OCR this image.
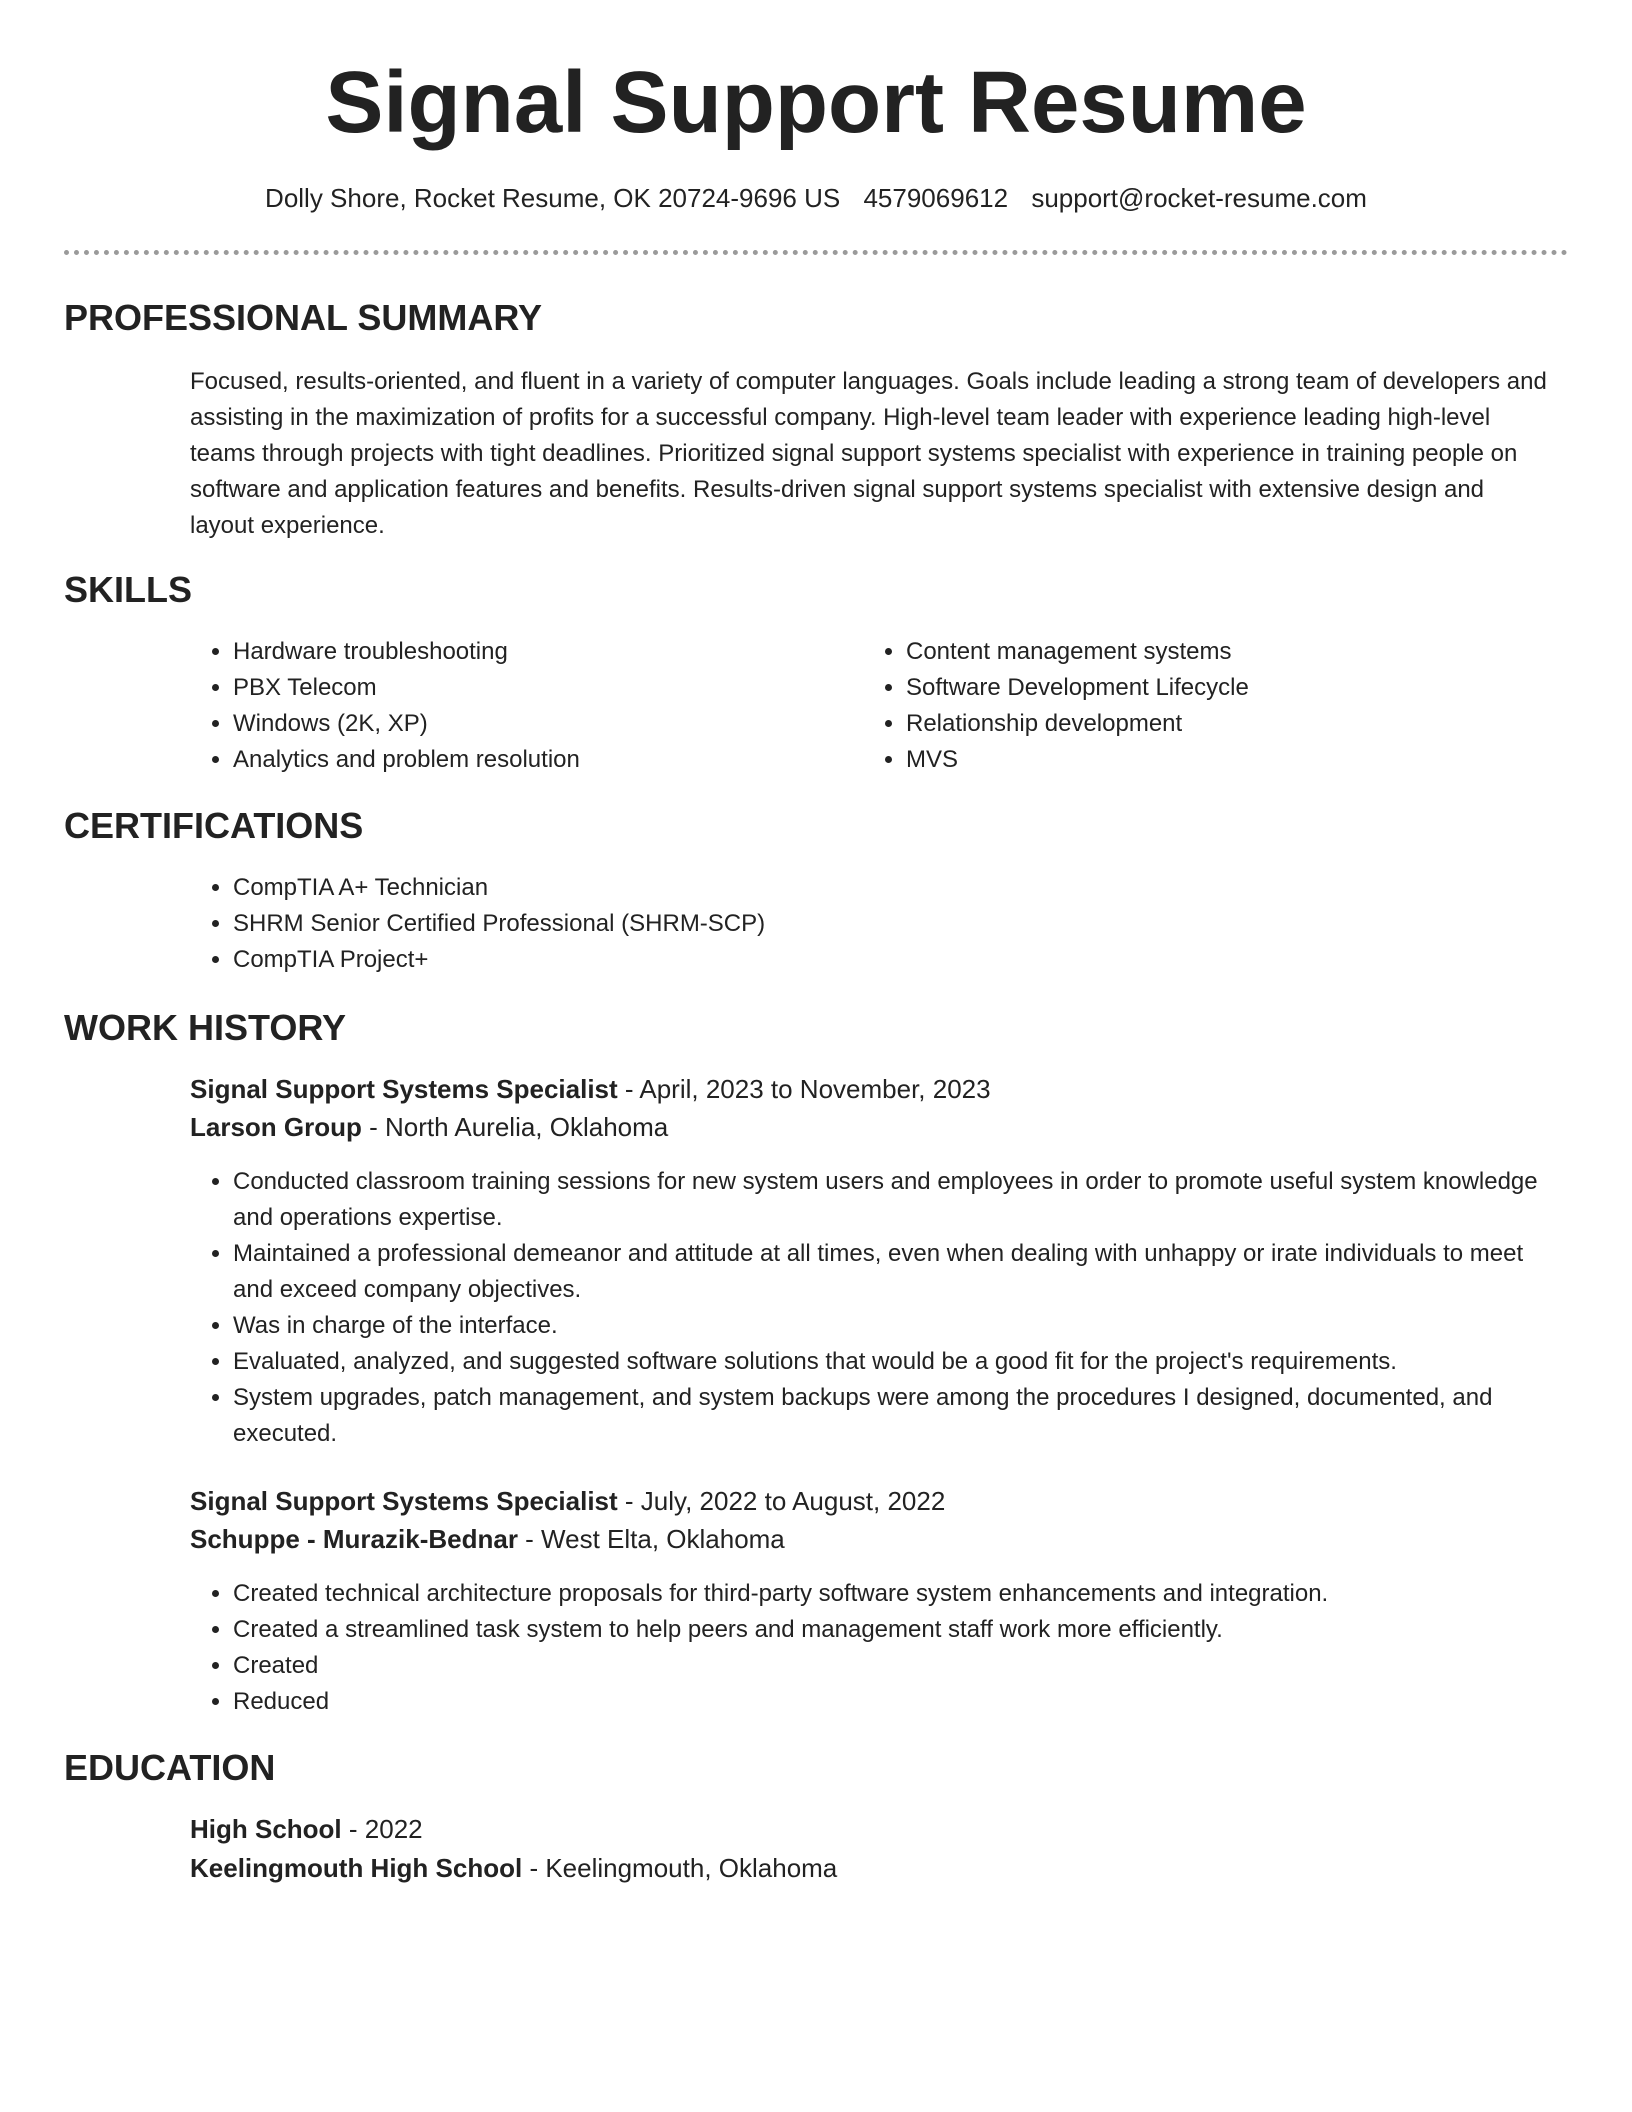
Signal Support Resume
Dolly Shore, Rocket Resume, OK 20724-9696 US 4579069612 support@rocket-resume.com
PROFESSIONAL SUMMARY

Focused, results-oriented, and fluent in a variety of computer languages. Goals include leading a strong team of developers and assisting in the maximization of profits for a successful company. High-level team leader with experience leading high-level teams through projects with tight deadlines. Prioritized signal support systems specialist with experience in training people on software and application features and benefits. Results-driven signal support systems specialist with extensive design and layout experience.

SKILLS
• Hardware troubleshooting
• PBX Telecom
• Windows (2K, XP)
• Analytics and problem resolution
• Content management systems
• Software Development Lifecycle
• Relationship development
• MVS
CERTIFICATIONS
• CompTIA A+ Technician
• SHRM Senior Certified Professional (SHRM-SCP)
• CompTIA Project+
WORK HISTORY
Signal Support Systems Specialist - April, 2023 to November, 2023
Larson Group - North Aurelia, Oklahoma
• Conducted classroom training sessions for new system users and employees in order to promote useful system knowledge and operations expertise.
• Maintained a professional demeanor and attitude at all times, even when dealing with unhappy or irate individuals to meet and exceed company objectives.
• Was in charge of the interface.
• Evaluated, analyzed, and suggested software solutions that would be a good fit for the project's requirements.
• System upgrades, patch management, and system backups were among the procedures I designed, documented, and executed.
Signal Support Systems Specialist - July, 2022 to August, 2022
Schuppe - Murazik-Bednar - West Elta, Oklahoma
• Created technical architecture proposals for third-party software system enhancements and integration.
• Created a streamlined task system to help peers and management staff work more efficiently.
• Created
• Reduced
EDUCATION
High School - 2022
Keelingmouth High School - Keelingmouth, Oklahoma
